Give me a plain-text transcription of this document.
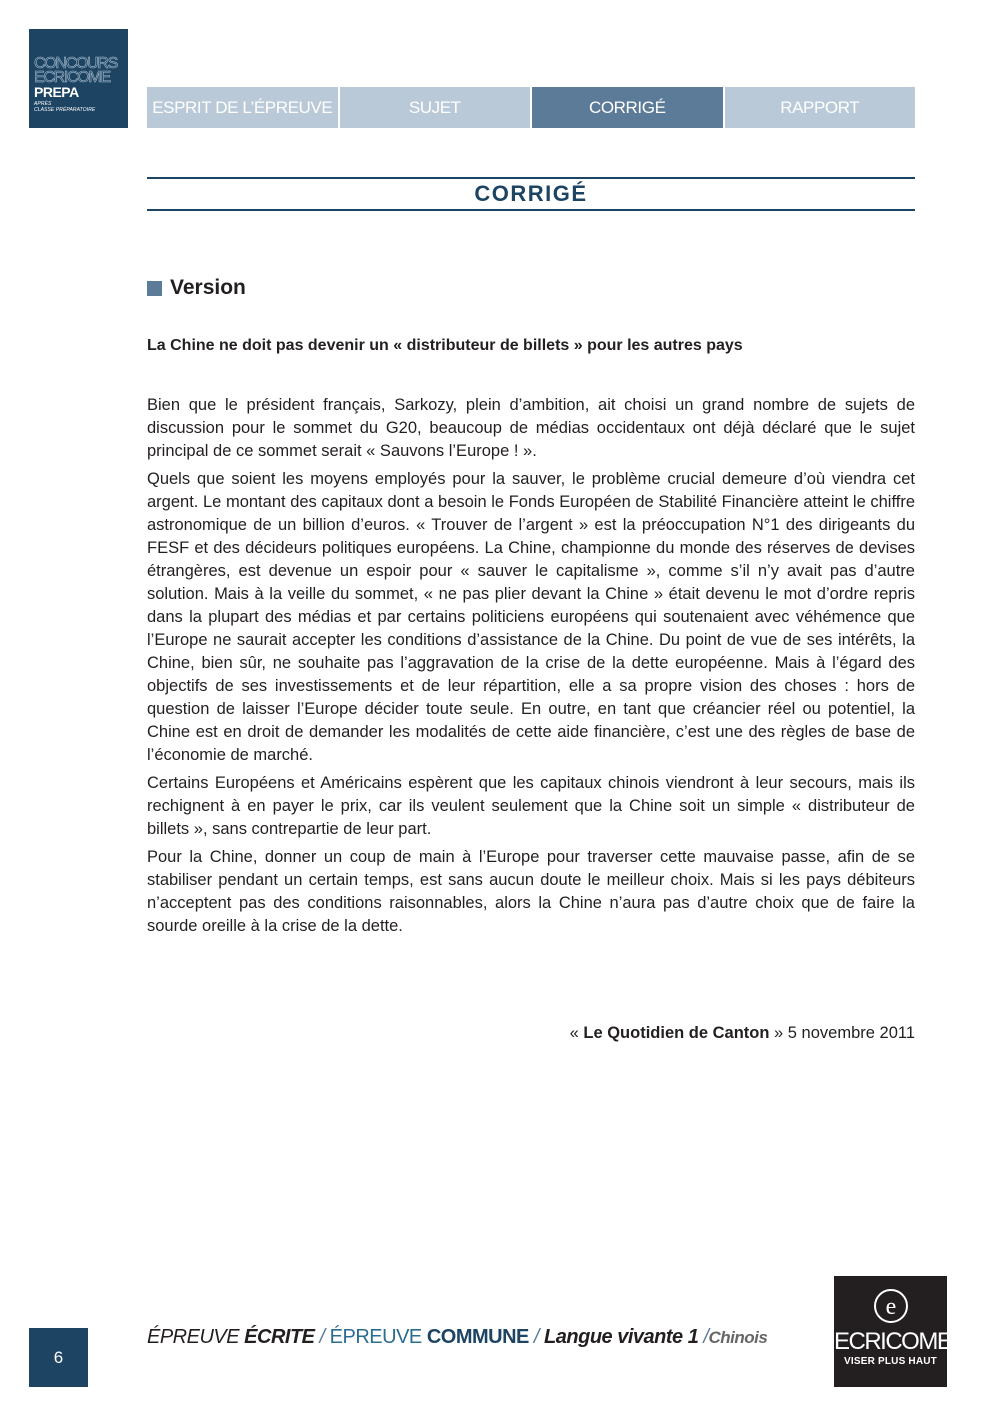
CONCOURS
ECRICOME
PREPA
APRÈS
CLASSE PRÉPARATOIRE	ESPRIT DE L’ÉPREUVE	SUJET	CORRIGÉ	RAPPORT
CORRIGÉ
Version
La Chine ne doit pas devenir un « distributeur de billets » pour les autres pays

Bien que le président français, Sarkozy, plein d’ambition, ait choisi un grand nombre de sujets de discussion pour le sommet du G20, beaucoup de médias occidentaux ont déjà déclaré que le sujet principal de ce sommet serait « Sauvons l’Europe ! ».

Quels que soient les moyens employés pour la sauver, le problème crucial demeure d’où viendra cet argent. Le montant des capitaux dont a besoin le Fonds Européen de Stabilité Financière atteint le chiffre astronomique de un billion d’euros. « Trouver de l’argent » est la préoccupation N°1 des dirigeants du FESF et des décideurs politiques européens. La Chine, championne du monde des réserves de devises étrangères, est devenue un espoir pour « sauver le capitalisme », comme s’il n’y avait pas d’autre solution. Mais à la veille du sommet, « ne pas plier devant la Chine » était devenu le mot d’ordre repris dans la plupart des médias et par certains politiciens européens qui soutenaient avec véhémence que l’Europe ne saurait accepter les conditions d’assistance de la Chine. Du point de vue de ses intérêts, la Chine, bien sûr, ne souhaite pas l’aggravation de la crise de la dette européenne. Mais à l’égard des objectifs de ses investissements et de leur répartition, elle a sa propre vision des choses : hors de question de laisser l’Europe décider toute seule. En outre, en tant que créancier réel ou potentiel, la Chine est en droit de demander les modalités de cette aide financière, c’est une des règles de base de l’économie de marché.

Certains Européens et Américains espèrent que les capitaux chinois viendront à leur secours, mais ils rechignent à en payer le prix, car ils veulent seulement que la Chine soit un simple « distributeur de billets », sans contrepartie de leur part.

Pour la Chine, donner un coup de main à l’Europe pour traverser cette mauvaise passe, afin de se stabiliser pendant un certain temps, est sans aucun doute le meilleur choix. Mais si les pays débiteurs n’acceptent pas des conditions raisonnables, alors la Chine n’aura pas d’autre choix que de faire la sourde oreille à la crise de la dette.

« Le Quotidien de Canton » 5 novembre 2011
6
ÉPREUVE ÉCRITE / ÉPREUVE COMMUNE / Langue vivante 1 /Chinois
e
ECRICOME
VISER PLUS HAUT
